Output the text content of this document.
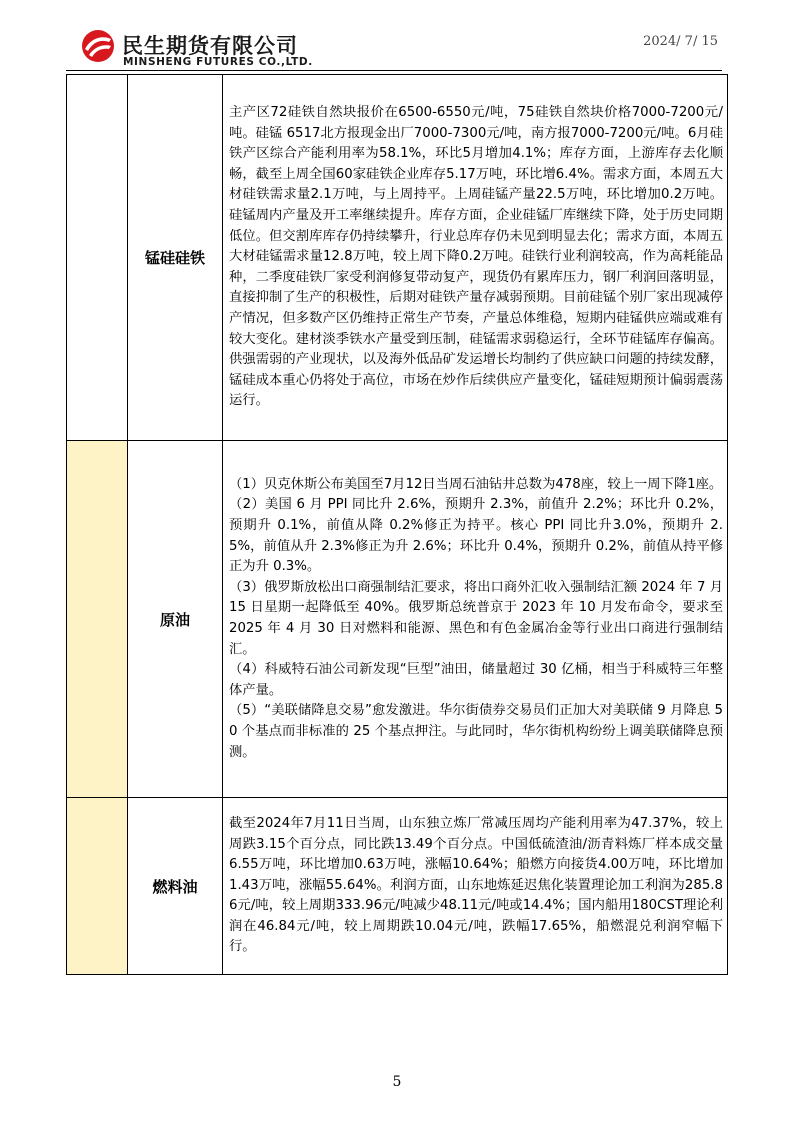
民生期货有限公司
MINSHENG FUTURES CO.,LTD.
2024/ 7/ 15
	锰硅硅铁	主产区72硅铁自然块报价在6500-6550元/吨，75硅铁自然块价格7000-7200元/吨。硅锰 6517北方报现金出厂7000-7300元/吨，南方报7000-7200元/吨。6月硅铁产区综合产能利用率为58.1%，环比5月增加4.1%；库存方面，上游库存去化顺畅，截至上周全国60家硅铁企业库存5.17万吨，环比增6.4%。需求方面，本周五大材硅铁需求量2.1万吨，与上周持平。上周硅锰产量22.5万吨，环比增加0.2万吨。硅锰周内产量及开工率继续提升。库存方面，企业硅锰厂库继续下降，处于历史同期低位。但交割库库存仍持续攀升，行业总库存仍未见到明显去化；需求方面，本周五大材硅锰需求量12.8万吨，较上周下降0.2万吨。硅铁行业利润较高，作为高耗能品种，二季度硅铁厂家受利润修复带动复产，现货仍有累库压力，钢厂利润回落明显，直接抑制了生产的积极性，后期对硅铁产量存减弱预期。目前硅锰个别厂家出现减停产情况，但多数产区仍维持正常生产节奏，产量总体维稳，短期内硅锰供应端或难有较大变化。建材淡季铁水产量受到压制，硅锰需求弱稳运行，全环节硅锰库存偏高。供强需弱的产业现状，以及海外低品矿发运增长均制约了供应缺口问题的持续发酵，锰硅成本重心仍将处于高位，市场在炒作后续供应产量变化，锰硅短期预计偏弱震荡运行。

	原油	（1）贝克休斯公布美国至7月12日当周石油钻井总数为478座，较上一周下降1座。

（2）美国 6 月 PPI 同比升 2.6%，预期升 2.3%，前值升 2.2%；环比升 0.2%，预期升 0.1%，前值从降 0.2%修正为持平。核心 PPI 同比升3.0%，预期升 2.5%，前值从升 2.3%修正为升 2.6%；环比升 0.4%，预期升 0.2%，前值从持平修正为升 0.3%。

（3）俄罗斯放松出口商强制结汇要求，将出口商外汇收入强制结汇额 2024 年 7 月 15 日星期一起降低至 40%。俄罗斯总统普京于 2023 年 10 月发布命令，要求至 2025 年 4 月 30 日对燃料和能源、黑色和有色金属冶金等行业出口商进行强制结汇。

（4）科威特石油公司新发现“巨型”油田，储量超过 30 亿桶，相当于科威特三年整体产量。

（5）“美联储降息交易”愈发激进。华尔街债券交易员们正加大对美联储 9 月降息 50 个基点而非标准的 25 个基点押注。与此同时，华尔街机构纷纷上调美联储降息预测。

	燃料油	截至2024年7月11日当周，山东独立炼厂常减压周均产能利用率为47.37%，较上周跌3.15个百分点，同比跌13.49个百分点。中国低硫渣油/沥青料炼厂样本成交量6.55万吨，环比增加0.63万吨，涨幅10.64%；船燃方向接货4.00万吨，环比增加1.43万吨，涨幅55.64%。利润方面，山东地炼延迟焦化装置理论加工利润为285.86元/吨，较上周期333.96元/吨减少48.11元/吨或14.4%；国内船用180CST理论利润在46.84元/吨，较上周期跌10.04元/吨，跌幅17.65%，船燃混兑利润窄幅下行。

5
